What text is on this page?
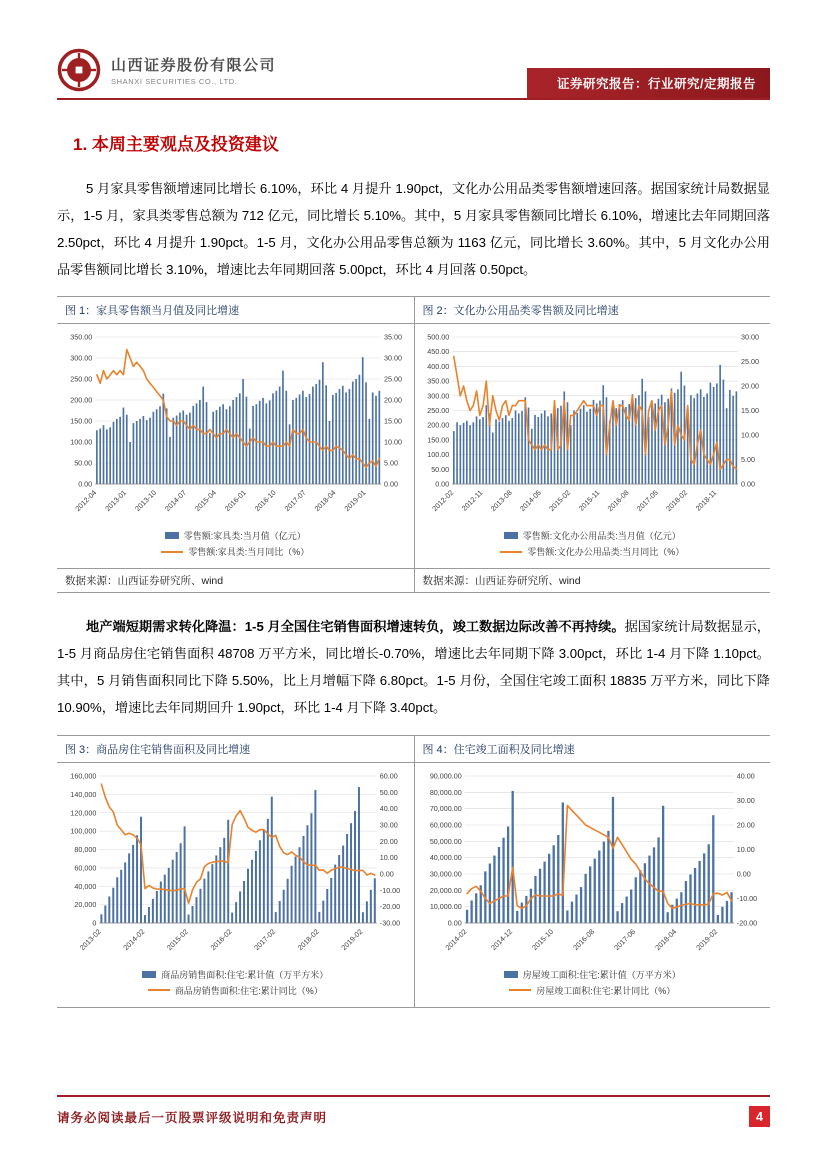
山西证券股份有限公司
SHANXI SECURITIES CO., LTD.	证券研究报告：行业研究/定期报告
1. 本周主要观点及投资建议

5 月家具零售额增速同比增长 6.10%，环比 4 月提升 1.90pct，文化办公用品类零售额增速回落。据国家统计局数据显示，1-5 月，家具类零售总额为 712 亿元，同比增长 5.10%。其中，5 月家具零售额同比增长 6.10%，增速比去年同期回落 2.50pct，环比 4 月提升 1.90pct。1-5 月，文化办公用品零售总额为 1163 亿元，同比增长 3.60%。其中，5 月文化办公用品零售额同比增长 3.10%，增速比去年同期回落 5.00pct，环比 4 月回落 0.50pct。

图 1：家具零售额当月值及同比增速	图 2：文化办公用品类零售额及同比增速
350.00
300.00
250.00
200.00
150.00
100.00
50.00
0.00
35.00
30.00
25.00
20.00
15.00
10.00
5.00
0.00
2012-04 2013-01 2013-10 2014-07 2015-04 2016-01 2016-10 2017-07 2018-04 2019-01
零售额:家具类:当月值（亿元）
零售额:家具类:当月同比（%）
500.00
450.00
400.00
350.00
300.00
250.00
200.00
150.00
100.00
50.00
0.00
30.00
25.00
20.00
15.00
10.00
5.00
0.00
2012-02 2012-11 2013-08 2014-05 2015-02 2015-11 2016-08 2017-05 2018-02 2018-11
零售额:文化办公用品类:当月值（亿元）
零售额:文化办公用品类:当月同比（%）
数据来源：山西证券研究所、wind	数据来源：山西证券研究所、wind

地产端短期需求转化降温：1-5 月全国住宅销售面积增速转负，竣工数据边际改善不再持续。据国家统计局数据显示，1-5 月商品房住宅销售面积 48708 万平方米，同比增长-0.70%，增速比去年同期下降 3.00pct，环比 1-4 月下降 1.10pct。其中，5 月销售面积同比下降 5.50%，比上月增幅下降 6.80pct。1-5 月份，全国住宅竣工面积 18835 万平方米，同比下降 10.90%，增速比去年同期回升 1.90pct，环比 1-4 月下降 3.40pct。

图 3：商品房住宅销售面积及同比增速	图 4：住宅竣工面积及同比增速
160,000
140,000
120,000
100,000
80,000
60,000
40,000
20,000
0
60.00
50.00
40.00
30.00
20.00
10.00
0.00
-10.00
-20.00
-30.00
2013-02	2014-02	2015-02	2016-02	2017-02	2018-02	2019-02
商品房销售面积:住宅:累计值（万平方米）
商品房销售面积:住宅:累计同比（%）
90,000.00
80,000.00
70,000.00
60,000.00
50,000.00
40,000.00
30,000.00
20,000.00
10,000.00
0.00
40.00
30.00
20.00
10.00
0.00
-10.00
-20.00
2014-02	2014-12 2015-10 2016-08 2017-06 2018-04 2019-02
房屋竣工面积:住宅:累计值（万平方米）
房屋竣工面积:住宅:累计同比（%）
请务必阅读最后一页股票评级说明和免责声明	4
